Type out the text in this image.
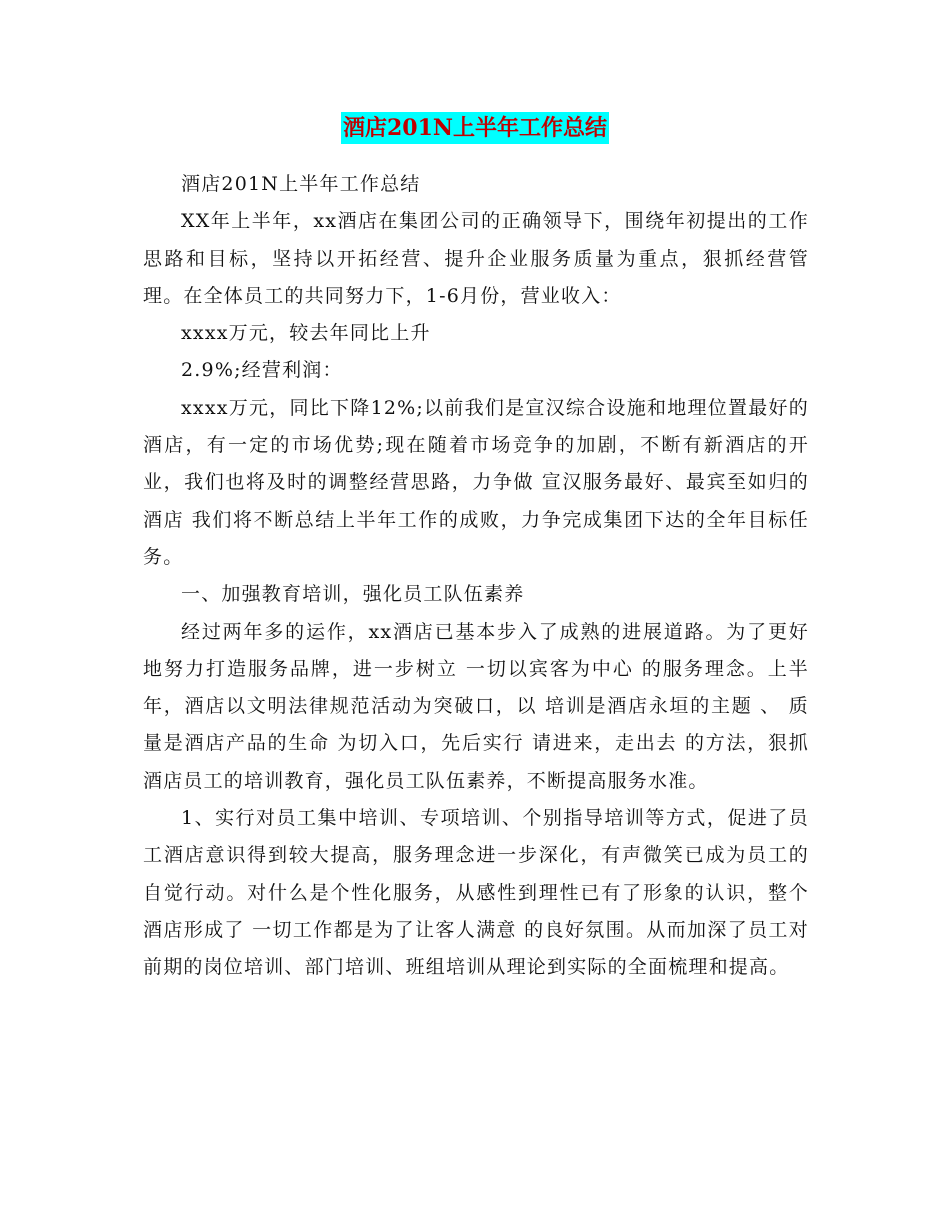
酒店201N上半年工作总结

酒店201N上半年工作总结

XX年上半年，xx酒店在集团公司的正确领导下，围绕年初提出的工作思路和目标，坚持以开拓经营、提升企业服务质量为重点，狠抓经营管理。在全体员工的共同努力下，1-6月份，营业收入：

xxxx万元，较去年同比上升

2.9%;经营利润：

xxxx万元，同比下降12%;以前我们是宣汉综合设施和地理位置最好的酒店，有一定的市场优势;现在随着市场竞争的加剧，不断有新酒店的开业，我们也将及时的调整经营思路，力争做 宣汉服务最好、最宾至如归的酒店 我们将不断总结上半年工作的成败，力争完成集团下达的全年目标任务。

一、加强教育培训，强化员工队伍素养

经过两年多的运作，xx酒店已基本步入了成熟的进展道路。为了更好地努力打造服务品牌，进一步树立 一切以宾客为中心 的服务理念。上半年，酒店以文明法律规范活动为突破口，以 培训是酒店永垣的主题 、 质量是酒店产品的生命 为切入口，先后实行 请进来，走出去 的方法，狠抓酒店员工的培训教育，强化员工队伍素养，不断提高服务水准。

1、实行对员工集中培训、专项培训、个别指导培训等方式，促进了员工酒店意识得到较大提高，服务理念进一步深化，有声微笑已成为员工的自觉行动。对什么是个性化服务，从感性到理性已有了形象的认识，整个酒店形成了 一切工作都是为了让客人满意 的良好氛围。从而加深了员工对前期的岗位培训、部门培训、班组培训从理论到实际的全面梳理和提高。
